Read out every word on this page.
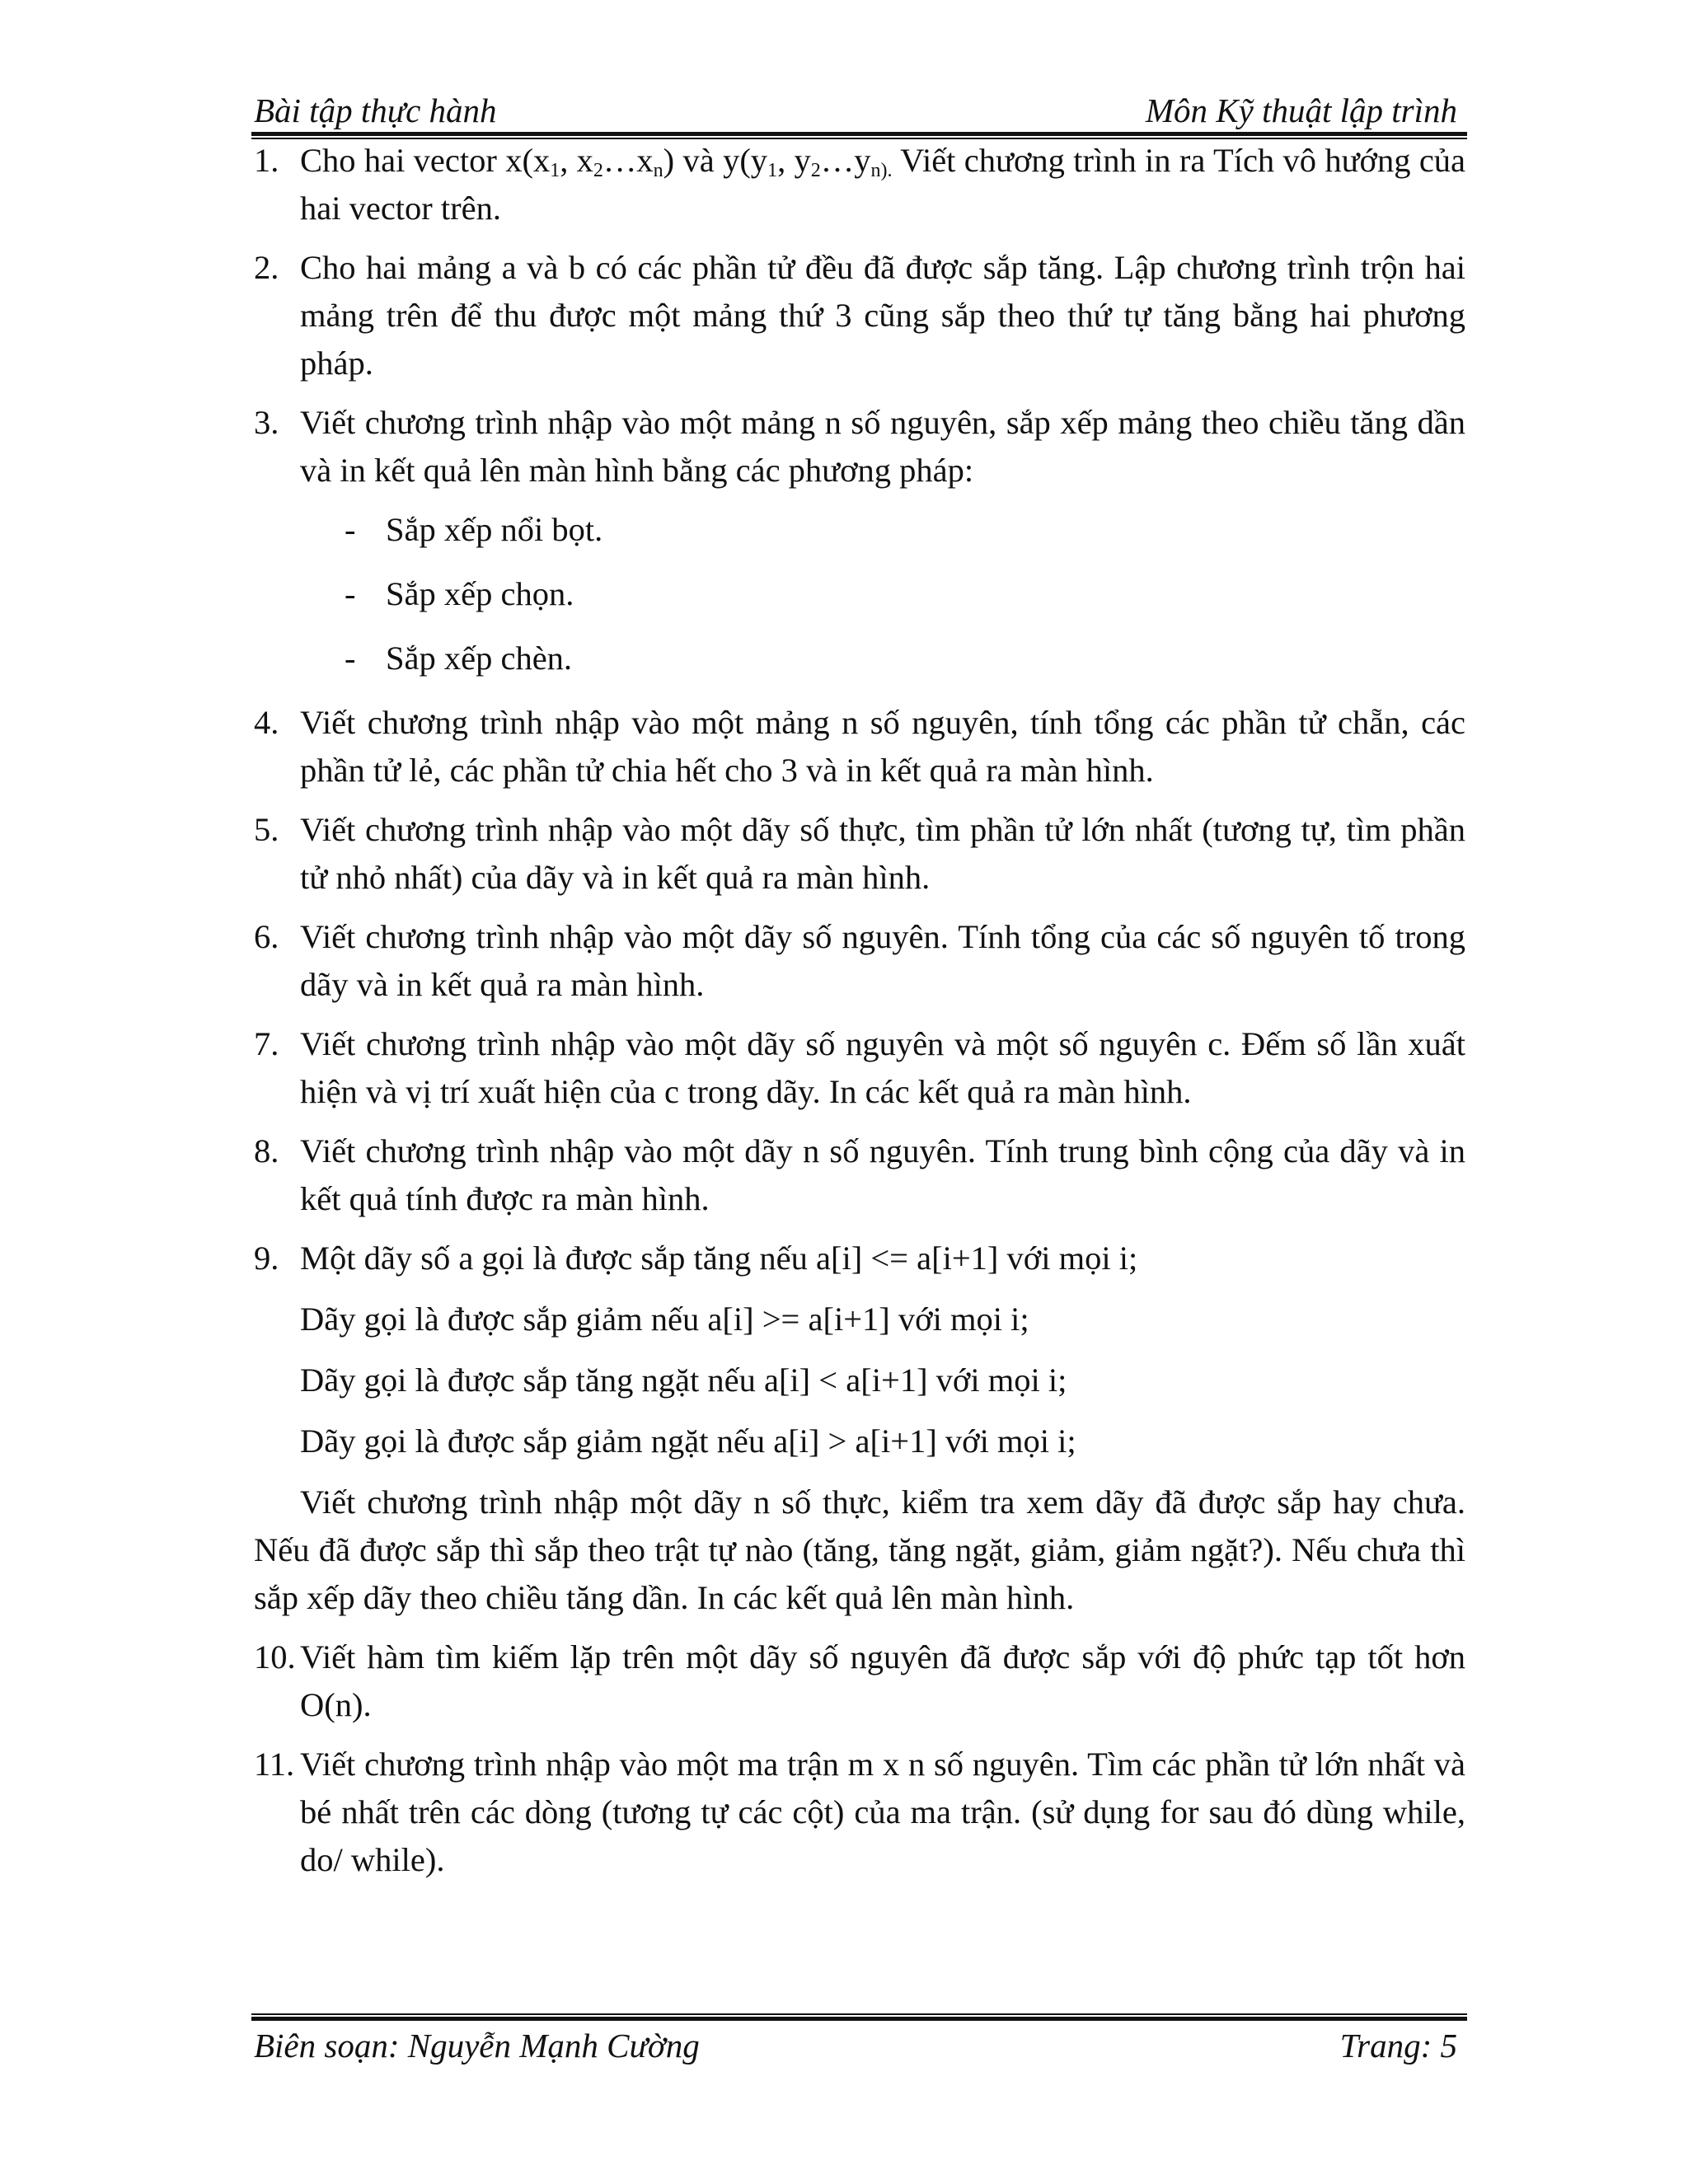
Bài tập thực hành	Môn Kỹ thuật lập trình
1. Cho hai vector $x(x_1$, $x_2\dots x_n$) và $y(y_1$, $y_2\dots y_{n).}$ Viết chương trình in ra Tích vô hướng của hai vector trên.

2. Cho hai mảng a và b có các phần tử đều đã được sắp tăng. Lập chương trình trộn hai mảng trên để thu được một mảng thứ 3 cũng sắp theo thứ tự tăng bằng hai phương pháp.

3. Viết chương trình nhập vào một mảng n số nguyên, sắp xếp mảng theo chiều tăng dần và in kết quả lên màn hình bằng các phương pháp:

- Sắp xếp nổi bọt.
- Sắp xếp chọn.
- Sắp xếp chèn.
4. Viết chương trình nhập vào một mảng n số nguyên, tính tổng các phần tử chẵn, các phần tử lẻ, các phần tử chia hết cho 3 và in kết quả ra màn hình.

5. Viết chương trình nhập vào một dãy số thực, tìm phần tử lớn nhất (tương tự, tìm phần tử nhỏ nhất) của dãy và in kết quả ra màn hình.

6. Viết chương trình nhập vào một dãy số nguyên. Tính tổng của các số nguyên tố trong dãy và in kết quả ra màn hình.

7. Viết chương trình nhập vào một dãy số nguyên và một số nguyên c. Đếm số lần xuất hiện và vị trí xuất hiện của c trong dãy. In các kết quả ra màn hình.

8. Viết chương trình nhập vào một dãy n số nguyên. Tính trung bình cộng của dãy và in kết quả tính được ra màn hình.

9. Một dãy số a gọi là được sắp tăng nếu a[i] <= a[i+1] với mọi i;

Dãy gọi là được sắp giảm nếu a[i] >= a[i+1] với mọi i;

Dãy gọi là được sắp tăng ngặt nếu a[i] < a[i+1] với mọi i;

Dãy gọi là được sắp giảm ngặt nếu a[i] > a[i+1] với mọi i;

Viết chương trình nhập một dãy n số thực, kiểm tra xem dãy đã được sắp hay chưa. Nếu đã được sắp thì sắp theo trật tự nào (tăng, tăng ngặt, giảm, giảm ngặt?). Nếu chưa thì sắp xếp dãy theo chiều tăng dần. In các kết quả lên màn hình.

10. Viết hàm tìm kiếm lặp trên một dãy số nguyên đã được sắp với độ phức tạp tốt hơn O(n).

11. Viết chương trình nhập vào một ma trận m x n số nguyên. Tìm các phần tử lớn nhất và bé nhất trên các dòng (tương tự các cột) của ma trận. (sử dụng for sau đó dùng while, do/ while).

Biên soạn: Nguyễn Mạnh Cường	Trang: 5
